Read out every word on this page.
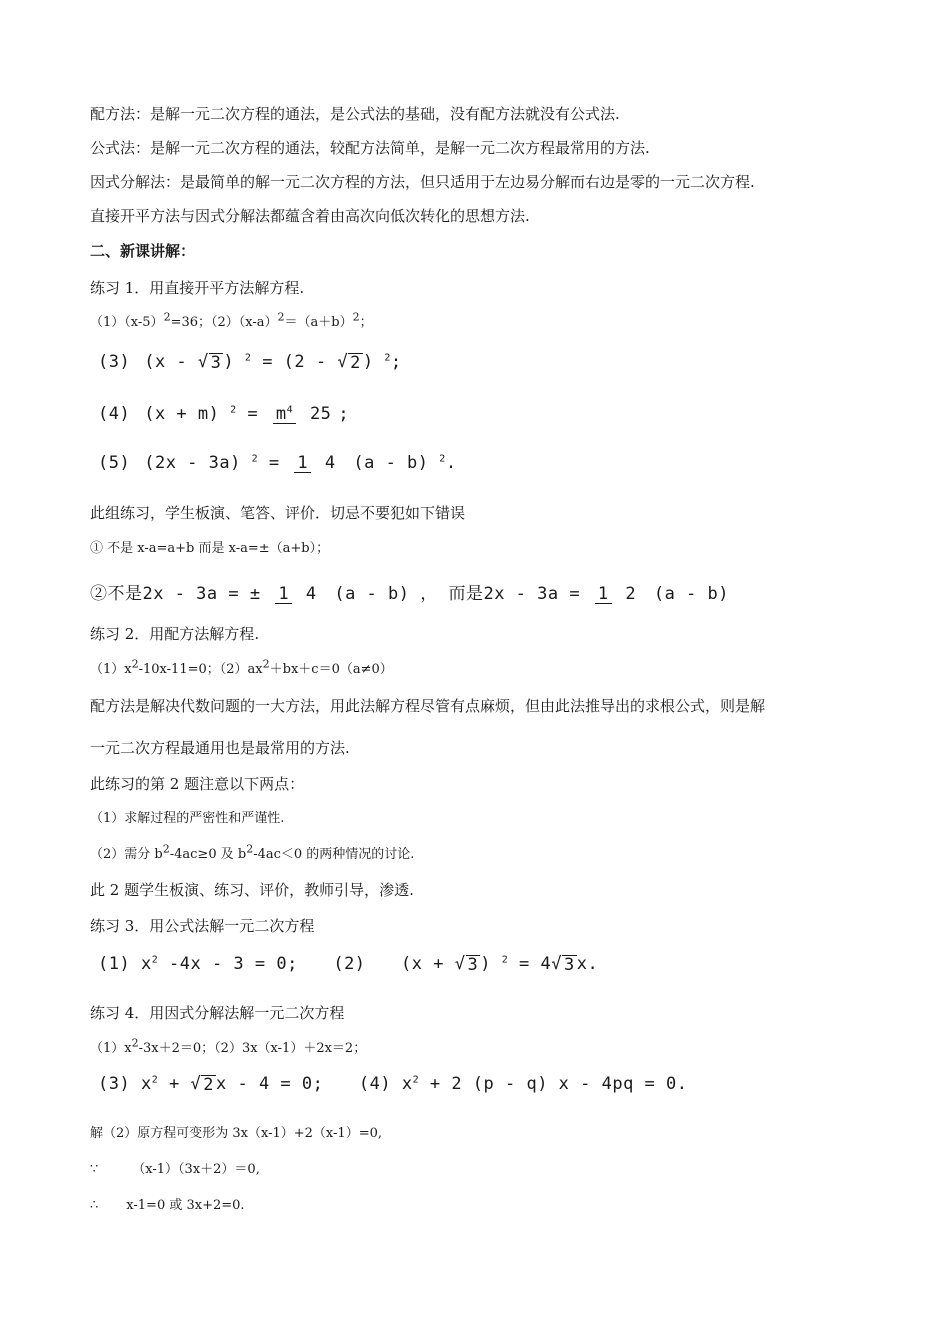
配方法：是解一元二次方程的通法，是公式法的基础，没有配方法就没有公式法.
公式法：是解一元二次方程的通法，较配方法简单，是解一元二次方程最常用的方法.
因式分解法：是最简单的解一元二次方程的方法，但只适用于左边易分解而右边是零的一元二次方程.
直接开平方法与因式分解法都蕴含着由高次向低次转化的思想方法.
二、新课讲解：
练习 1．用直接开平方法解方程.
$(1)(x-5)^2=36$；$(2)(x-a)^2=(a+b)^2$；
(3) (x - √ 3 ) $^2$ = (2 - √ 2 ) $^2$;
(4) (x + m) $^2 = m^4$ 25 ;
(5) (2x - 3a) $^2$ = 1 4 (a - b) $^2$.
此组练习，学生板演、笔答、评价．切忌不要犯如下错误
① 不是 x-a=a+b 而是 x-a=±（a+b）；
②不是2x - 3a = ± 1 4 (a - b) ， 而是2x - 3a = 1 2 (a - b)
练习 2．用配方法解方程.
$(1)x^2-10x-11=0$；$(2)ax^2+bx+c=0(a\ne 0)$
配方法是解决代数问题的一大方法，用此法解方程尽管有点麻烦，但由此法推导出的求根公式，则是解
一元二次方程最通用也是最常用的方法.
此练习的第 2 题注意以下两点：
（1）求解过程的严密性和严谨性.
（2）需分 $b^2-4ac\ge 0$ 及 $b^2-4ac<0$ 的两种情况的讨论.
此 2 题学生板演、练习、评价，教师引导，渗透.
练习 3．用公式法解一元二次方程
(1) $x^2$ -4x - 3 = 0; (2) (x + √ 3 ) $^2$ = 4√ 3 x.
练习 4．用因式分解法解一元二次方程
$(1)x^2-3x+2=0$；（2）3x（x-1）＋2x＝2；
(3) $x^2$ + √ 2 x - 4 = 0; (4) $x^2 + 2$ (p - q) x - 4pq = 0.
解（2）原方程可变形为 3x（x-1）+2（x-1）=0,
∵	（x-1）（3x＋2）＝0,
∴ x-1=0 或 3x+2=0.
